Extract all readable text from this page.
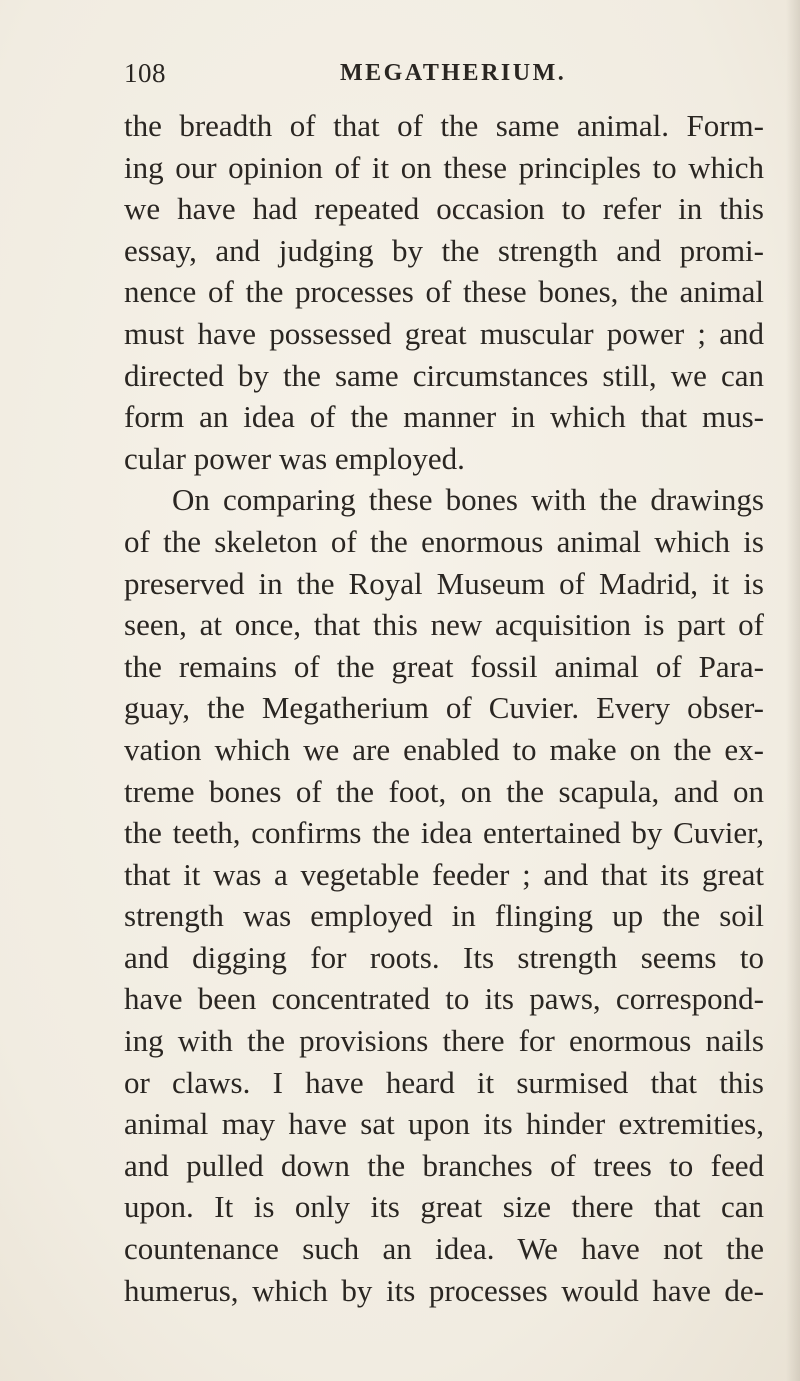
108	MEGATHERIUM.
the breadth of that of the same animal. Form-
ing our opinion of it on these principles to which
we have had repeated occasion to refer in this
essay, and judging by the strength and promi-
nence of the processes of these bones, the animal
must have possessed great muscular power ; and
directed by the same circumstances still, we can
form an idea of the manner in which that mus-
cular power was employed.
On comparing these bones with the drawings
of the skeleton of the enormous animal which is
preserved in the Royal Museum of Madrid, it is
seen, at once, that this new acquisition is part of
the remains of the great fossil animal of Para-
guay, the Megatherium of Cuvier. Every obser-
vation which we are enabled to make on the ex-
treme bones of the foot, on the scapula, and on
the teeth, confirms the idea entertained by Cuvier,
that it was a vegetable feeder ; and that its great
strength was employed in flinging up the soil
and digging for roots. Its strength seems to
have been concentrated to its paws, correspond-
ing with the provisions there for enormous nails
or claws. I have heard it surmised that this
animal may have sat upon its hinder extremities,
and pulled down the branches of trees to feed
upon. It is only its great size there that can
countenance such an idea. We have not the
humerus, which by its processes would have de-
